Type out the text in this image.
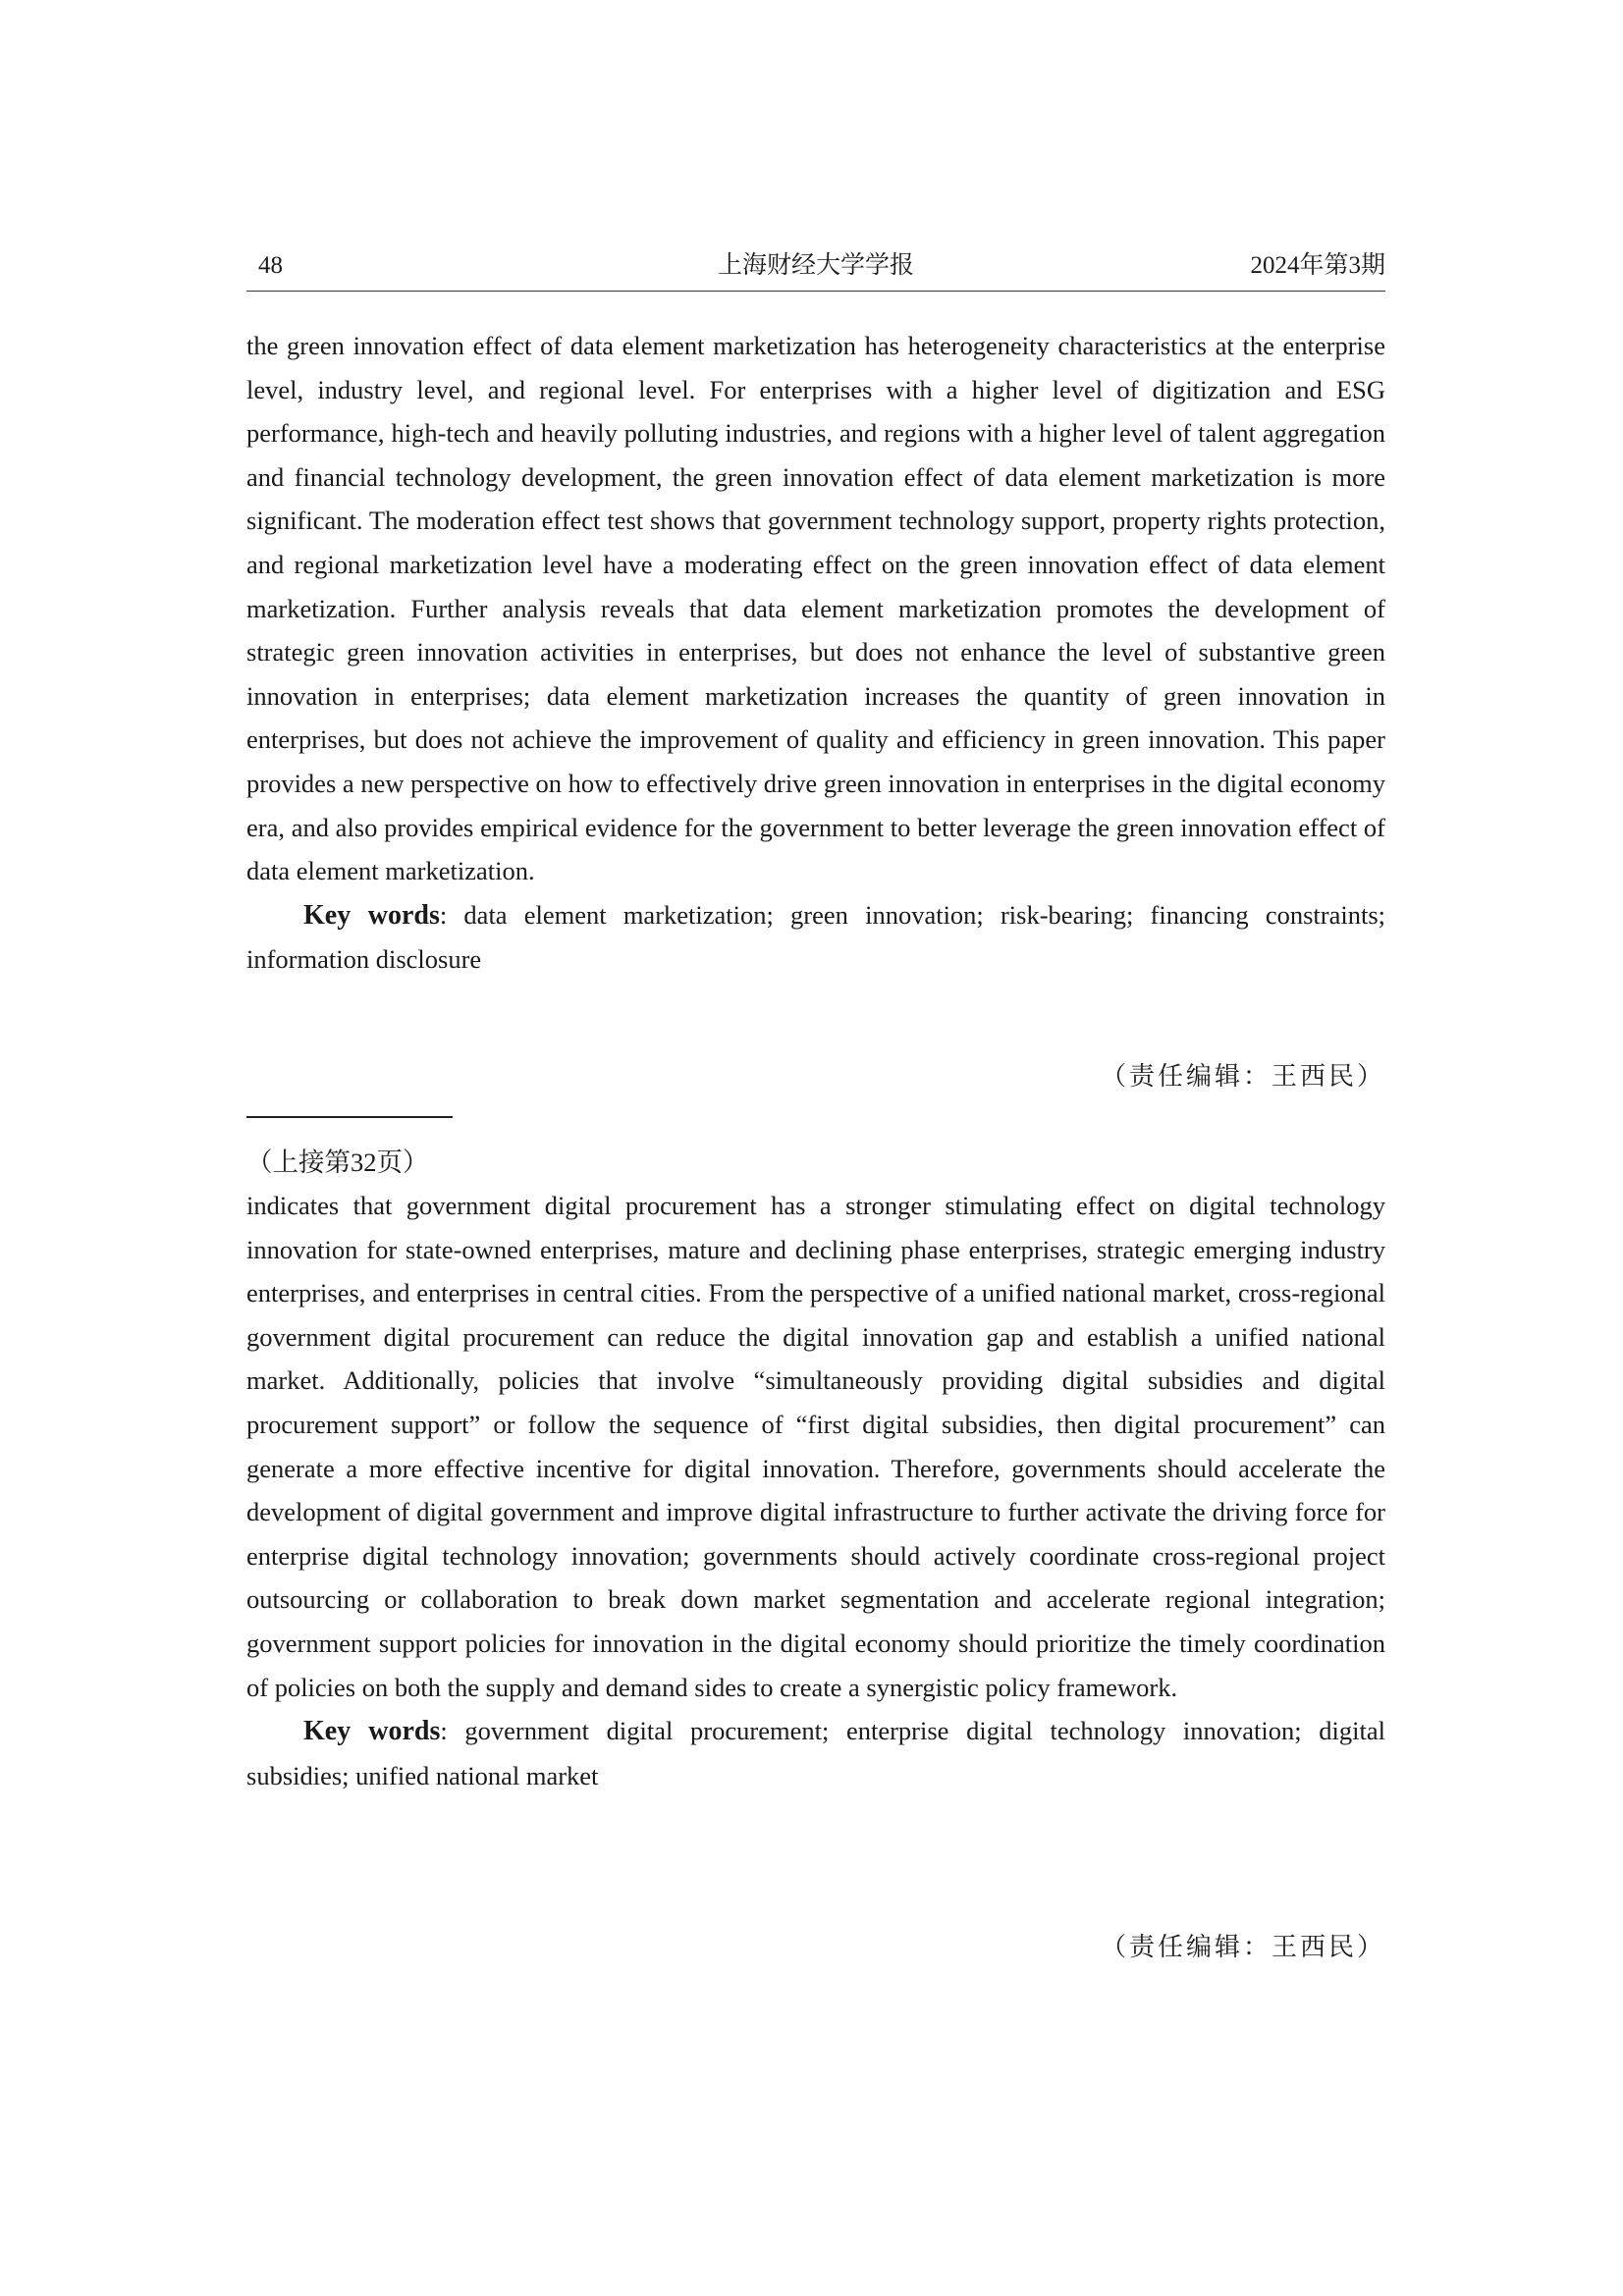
48	上海财经大学学报	2024年第3期

the green innovation effect of data element marketization has heterogeneity characteristics at the enterprise level, industry level, and regional level. For enterprises with a higher level of digitization and ESG performance, high-tech and heavily polluting industries, and regions with a higher level of talent aggregation and financial technology development, the green innovation effect of data element marketization is more significant. The moderation effect test shows that government technology support, property rights protection, and regional marketization level have a moderating effect on the green innovation effect of data element marketization. Further analysis reveals that data element marketization promotes the development of strategic green innovation activities in enterprises, but does not enhance the level of substantive green innovation in enterprises; data element marketization increases the quantity of green innovation in enterprises, but does not achieve the improvement of quality and efficiency in green innovation. This paper provides a new perspective on how to effectively drive green innovation in enterprises in the digital economy era, and also provides empirical evidence for the government to better leverage the green innovation effect of data element marketization.

Key words: data element marketization; green innovation; risk-bearing; financing constraints; information disclosure

（责任编辑：王西民）
（上接第32页）

indicates that government digital procurement has a stronger stimulating effect on digital technology innovation for state-owned enterprises, mature and declining phase enterprises, strategic emerging industry enterprises, and enterprises in central cities. From the perspective of a unified national market, cross-regional government digital procurement can reduce the digital innovation gap and establish a unified national market. Additionally, policies that involve “simultaneously providing digital subsidies and digital procurement support” or follow the sequence of “first digital subsidies, then digital procurement” can generate a more effective incentive for digital innovation. Therefore, governments should accelerate the development of digital government and improve digital infrastructure to further activate the driving force for enterprise digital technology innovation; governments should actively coordinate cross-regional project outsourcing or collaboration to break down market segmentation and accelerate regional integration; government support policies for innovation in the digital economy should prioritize the timely coordination of policies on both the supply and demand sides to create a synergistic policy framework.

Key words: government digital procurement; enterprise digital technology innovation; digital subsidies; unified national market

（责任编辑：王西民）
